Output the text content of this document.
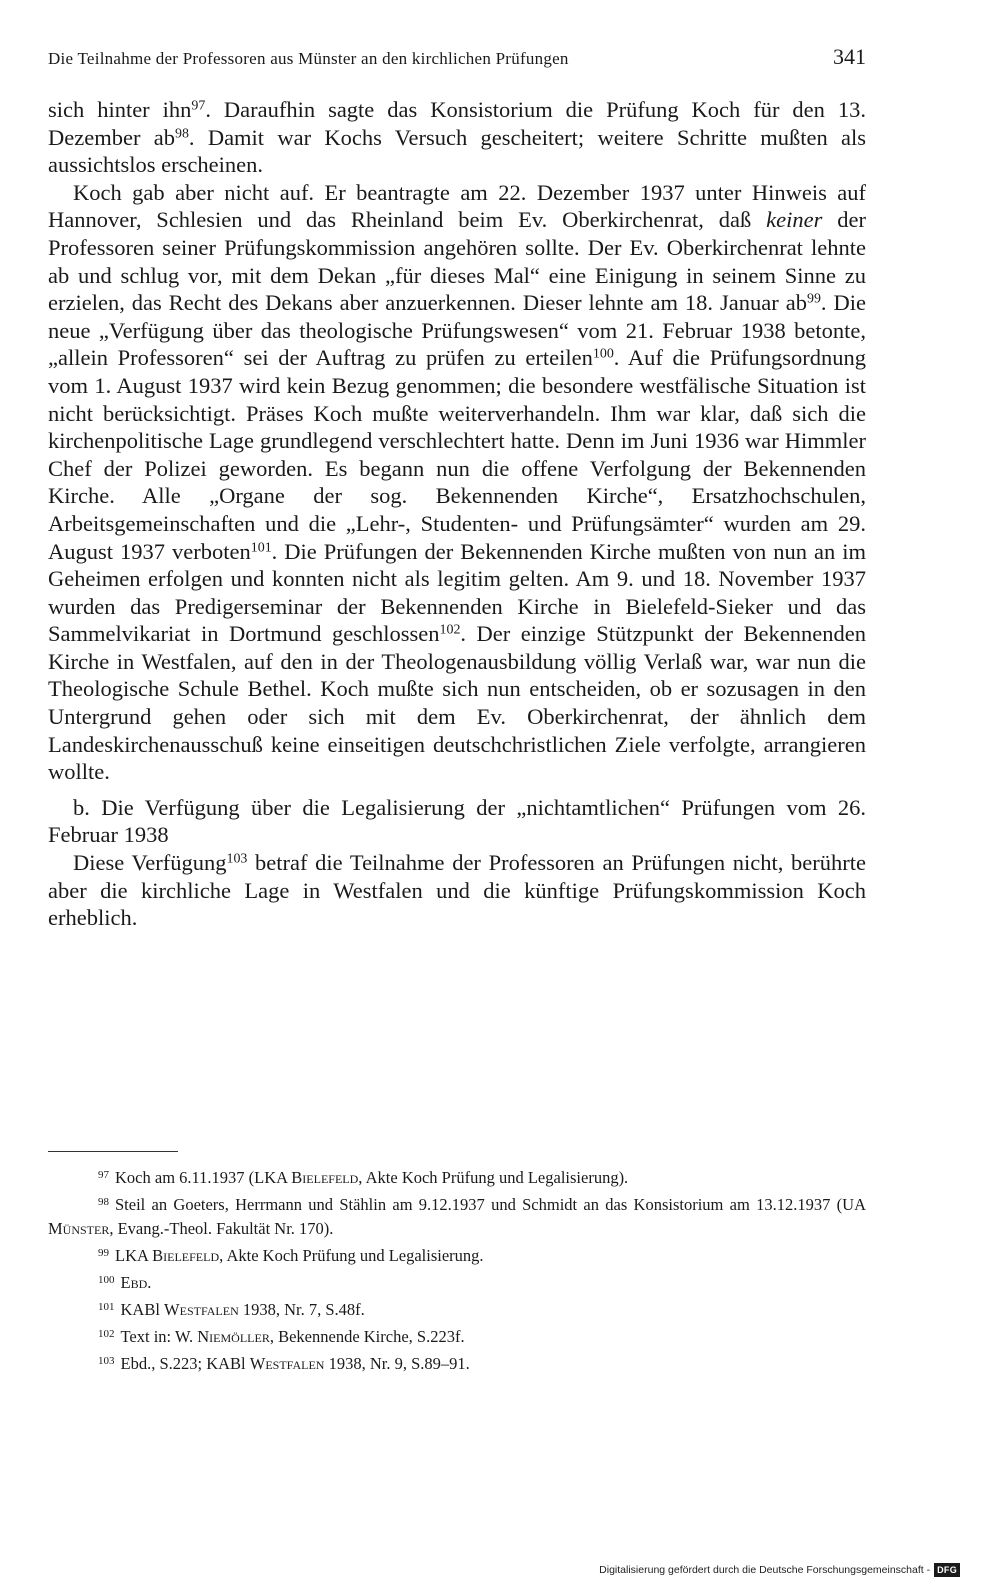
Die Teilnahme der Professoren aus Münster an den kirchlichen Prüfungen	341

sich hinter ihn$^{97}$. Daraufhin sagte das Konsistorium die Prüfung Koch für den 13. Dezember $ab^{98}$. Damit war Kochs Versuch gescheitert; weitere Schritte mußten als aussichtslos erscheinen.

Koch gab aber nicht auf. Er beantragte am 22. Dezember 1937 unter Hinweis auf Hannover, Schlesien und das Rheinland beim Ev. Oberkirchenrat, daß keiner der Professoren seiner Prüfungskommission angehören sollte. Der Ev. Oberkirchenrat lehnte ab und schlug vor, mit dem Dekan „für dieses Mal“ eine Einigung in seinem Sinne zu erzielen, das Recht des Dekans aber anzuerkennen. Dieser lehnte am 18. Januar $ab^{99}$. Die neue „Verfügung über das theologische Prüfungswesen“ vom 21. Februar 1938 betonte, „allein Professoren“ sei der Auftrag zu prüfen zu erteilen$^{100}$. Auf die Prüfungsordnung vom 1. August 1937 wird kein Bezug genommen; die besondere westfälische Situation ist nicht berücksichtigt. Präses Koch mußte weiterverhandeln. Ihm war klar, daß sich die kirchenpolitische Lage grundlegend verschlechtert hatte. Denn im Juni 1936 war Himmler Chef der Polizei geworden. Es begann nun die offene Verfolgung der Bekennenden Kirche. Alle „Organe der sog. Bekennenden Kirche“, Ersatzhochschulen, Arbeitsgemeinschaften und die „Lehr-, Studenten- und Prüfungsämter“ wurden am 29. August 1937 verboten$^{101}$. Die Prüfungen der Bekennenden Kirche mußten von nun an im Geheimen erfolgen und konnten nicht als legitim gelten. Am 9. und 18. November 1937 wurden das Predigerseminar der Bekennenden Kirche in Bielefeld-Sieker und das Sammelvikariat in Dortmund geschlossen$^{102}$. Der einzige Stützpunkt der Bekennenden Kirche in Westfalen, auf den in der Theologenausbildung völlig Verlaß war, war nun die Theologische Schule Bethel. Koch mußte sich nun entscheiden, ob er sozusagen in den Untergrund gehen oder sich mit dem Ev. Oberkirchenrat, der ähnlich dem Landeskirchenausschuß keine einseitigen deutschchristlichen Ziele verfolgte, arrangieren wollte.

b. Die Verfügung über die Legalisierung der „nichtamtlichen“ Prüfungen vom 26. Februar 1938

Diese Verfügung$^{103}$ betraf die Teilnahme der Professoren an Prüfungen nicht, berührte aber die kirchliche Lage in Westfalen und die künftige Prüfungskommission Koch erheblich.

97 Koch am 6.11.1937 (LKA Bielefeld, Akte Koch Prüfung und Legalisierung).

98 Steil an Goeters, Herrmann und Stählin am 9.12.1937 und Schmidt an das Konsistorium am 13.12.1937 (UA Münster, Evang.-Theol. Fakultät Nr. 170).

99 LKA Bielefeld, Akte Koch Prüfung und Legalisierung.

100 Ebd.

101 KABl Westfalen 1938, Nr. 7, S.48f.

102 Text in: W. Niemöller, Bekennende Kirche, S.223f.

103 Ebd., S.223; KABl Westfalen 1938, Nr. 9, S.89–91.

Digitalisierung gefördert durch die Deutsche Forschungsgemeinschaft - DFG
